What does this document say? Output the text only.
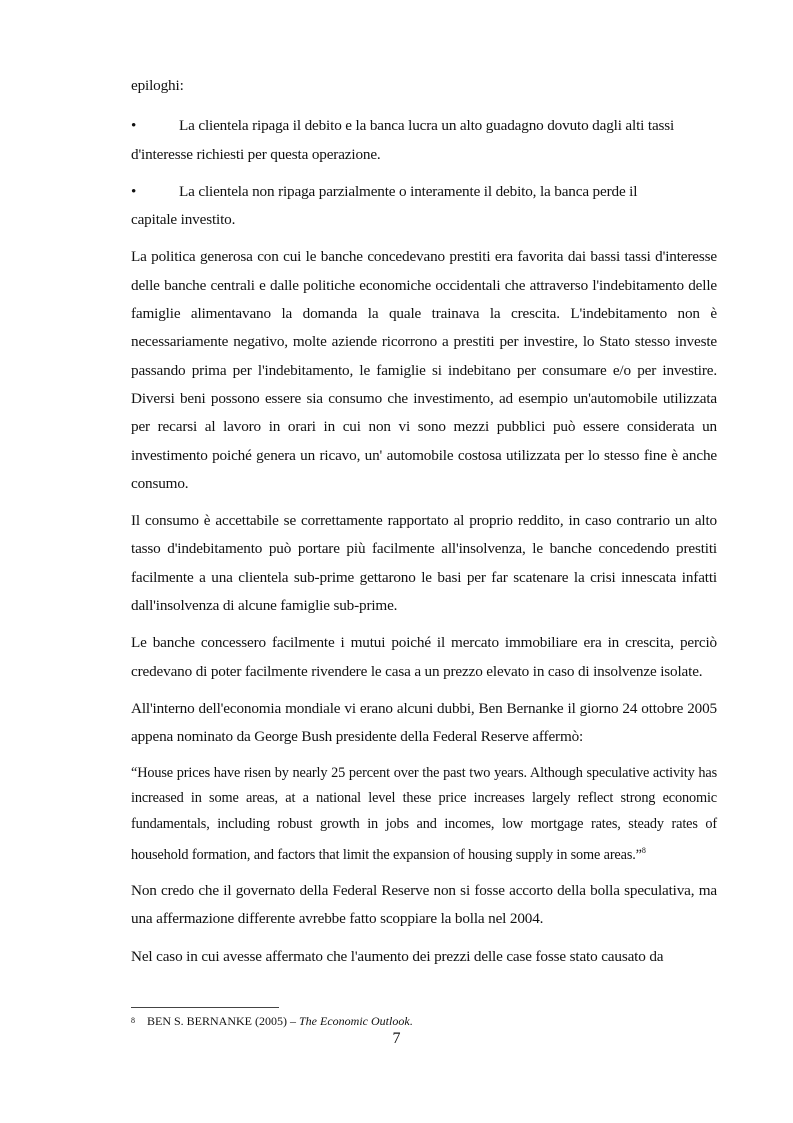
epiloghi:

•	La clientela ripaga il debito e la banca lucra un alto guadagno dovuto dagli alti tassi
d'interesse richiesti per questa operazione.

•	La clientela non ripaga parzialmente o interamente il debito, la banca perde il
capitale investito.

La politica generosa con cui le banche concedevano prestiti era favorita dai bassi tassi d'interesse delle banche centrali e dalle politiche economiche occidentali che attraverso l'indebitamento delle famiglie alimentavano la domanda la quale trainava la crescita. L'indebitamento non è necessariamente negativo, molte aziende ricorrono a prestiti per investire, lo Stato stesso investe passando prima per l'indebitamento, le famiglie si indebitano per consumare e/o per investire. Diversi beni possono essere sia consumo che investimento, ad esempio un'automobile utilizzata per recarsi al lavoro in orari in cui non vi sono mezzi pubblici può essere considerata un investimento poiché genera un ricavo, un' automobile costosa utilizzata per lo stesso fine è anche consumo.

Il consumo è accettabile se correttamente rapportato al proprio reddito, in caso contrario un alto tasso d'indebitamento può portare più facilmente all'insolvenza, le banche concedendo prestiti facilmente a una clientela sub-prime gettarono le basi per far scatenare la crisi innescata infatti dall'insolvenza di alcune famiglie sub-prime.

Le banche concessero facilmente i mutui poiché il mercato immobiliare era in crescita, perciò credevano di poter facilmente rivendere le casa a un prezzo elevato in caso di insolvenze isolate.

All'interno dell'economia mondiale vi erano alcuni dubbi, Ben Bernanke il giorno 24 ottobre 2005 appena nominato da George Bush presidente della Federal Reserve affermò:

“House prices have risen by nearly 25 percent over the past two years. Although speculative activity has increased in some areas, at a national level these price increases largely reflect strong economic fundamentals, including robust growth in jobs and incomes, low mortgage rates, steady rates of household formation, and factors that limit the expansion of housing supply in some areas.”$^8$

Non credo che il governato della Federal Reserve non si fosse accorto della bolla speculativa, ma una affermazione differente avrebbe fatto scoppiare la bolla nel 2004.

Nel caso in cui avesse affermato che l'aumento dei prezzi delle case fosse stato causato da

8 BEN S. BERNANKE (2005) – The Economic Outlook.
7
